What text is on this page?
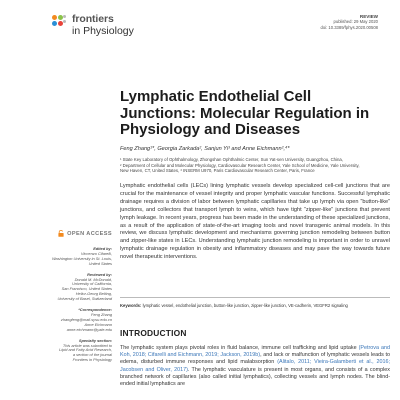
frontiers
in Physiology
REVIEW
published: 29 May 2020
doi: 10.3389/fphys.2020.00508
Lymphatic Endothelial Cell Junctions: Molecular Regulation in Physiology and Diseases
Feng Zhang¹*, Georgia Zarkada², Sanjun Yi³ and Anne Eichmann²,⁴*

¹ State Key Laboratory of Ophthalmology, Zhongshan Ophthalmic Center, Sun Yat-sen University, Guangzhou, China,

² Department of Cellular and Molecular Physiology, Cardiovascular Research Center, Yale School of Medicine, Yale University,

New Haven, CT, United States, ³ INSERM U970, Paris Cardiovascular Research Center, Paris, France

Lymphatic endothelial cells (LECs) lining lymphatic vessels develop specialized cell-cell junctions that are crucial for the maintenance of vessel integrity and proper lymphatic vascular functions. Successful lymphatic drainage requires a division of labor between lymphatic capillaries that take up lymph via open “button-like” junctions, and collectors that transport lymph to veins, which have tight “zipper-like” junctions that prevent lymph leakage. In recent years, progress has been made in the understanding of these specialized junctions, as a result of the application of state-of-the-art imaging tools and novel transgenic animal models. In this review, we discuss lymphatic development and mechanisms governing junction remodeling between button and zipper-like states in LECs. Understanding lymphatic junction remodeling is important in order to unravel lymphatic drainage regulation in obesity and inflammatory diseases and may pave the way towards future novel therapeutic interventions.
OPEN ACCESS
Edited by:
Vincenzo Cifarelli,
Washington University in St. Louis,
United States
Reviewed by:
Donald M. McDonald,
University of California,
San Francisco, United States
Helior-Georg Belting,
University of Basel, Switzerland
*Correspondence:
Feng Zhang
zhangfeng@mail.sysu.edu.cn
Anne Eichmann
anne.eichmann@yale.edu
Specialty section:
This article was submitted to
Lipid and Fatty Acid Research,
a section of the journal
Frontiers in Physiology
Keywords: lymphatic vessel, endothelial junction, button-like junction, zipper-like junction, VE-cadherin, VEGFR2 signaling
INTRODUCTION
The lymphatic system plays pivotal roles in fluid balance, immune cell trafficking and lipid uptake (Petrova and Koh, 2018; Cifarelli and Eichmann, 2019; Jackson, 2019b), and lack or malfunction of lymphatic vessels leads to edema, disturbed immune responses and lipid malabsorption (Alitalo, 2011; Vieira-Galamberti et al., 2016; Jacobsen and Oliver, 2017). The lymphatic vasculature is present in most organs, and consists of a complex branched network of capillaries (also called initial lymphatics), collecting vessels and lymph nodes. The blind-ended initial lymphatics are
